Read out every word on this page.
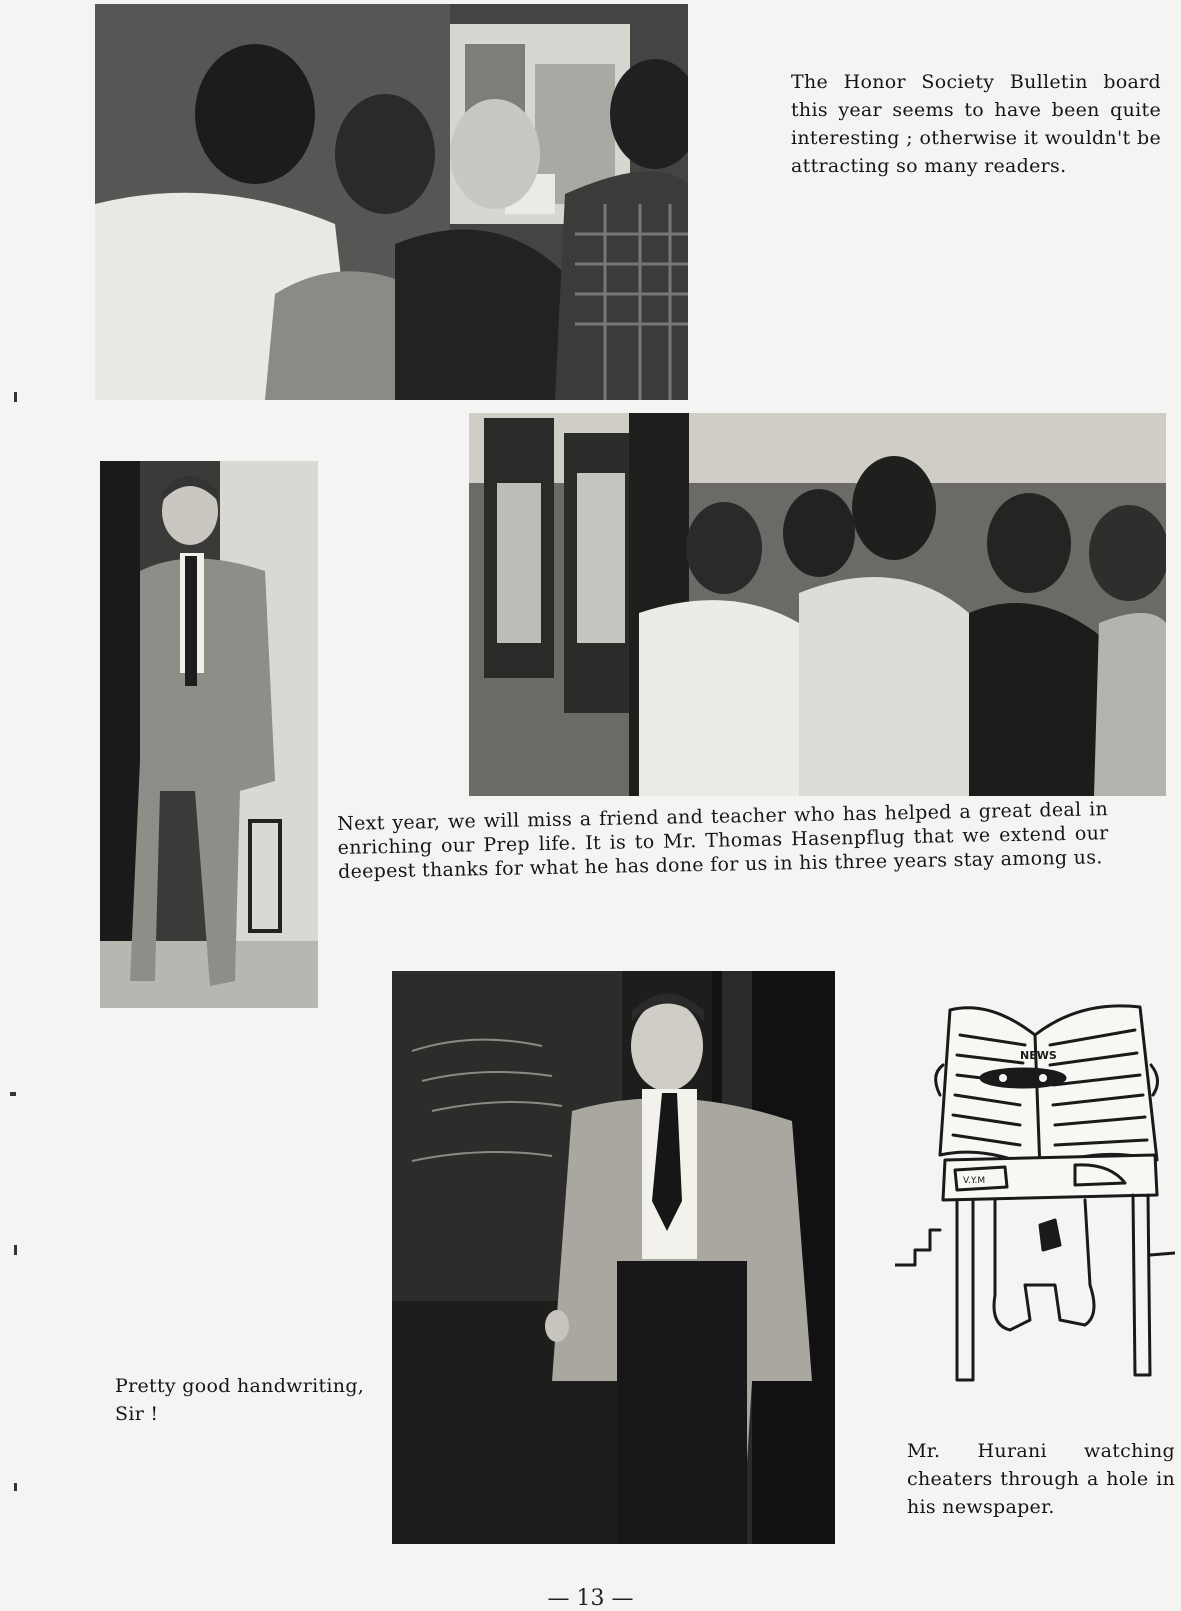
The Honor Society Bulletin board this year seems to have been quite interesting ; otherwise it wouldn't be attracting so many readers.
Next year, we will miss a friend and teacher who has helped a great deal in enriching our Prep life. It is to Mr. Thomas Hasenpflug that we extend our deepest thanks for what he has done for us in his three years stay among us.
Pretty good handwriting, Sir !
NEWS
V.Y.M
Mr. Hurani watching cheaters through a hole in his newspaper.
— 13 —
